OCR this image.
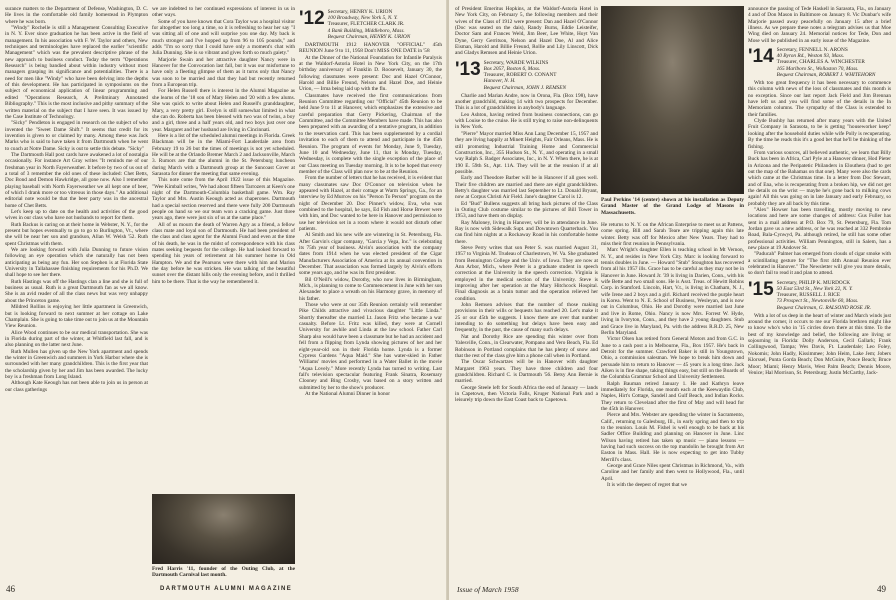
surance matters to the Department of Defense, Washington, D. C. He lives in the comfortable old family homestead in Plympton where he was born.

"Windy" Rochelle is still a Management Consulting Executive in N. Y. Ever since graduation he has been active in the field of management. In his association with F. W. Taylor and others, New techniques and terminologies have replaced the earlier "scientific Management" which was the prevalent descriptive phrase of the new approach to business conduct. Today the term "Operations Research" is being bandied about within industry without most managers grasping its significance and potentialities. There is a need for men like "Windy" who have been delving into the depths of this development. He has participated in symposiums on the subject of economical application of linear programming and edited "Operations Research, A Preliminary Annotated Bibliography." This is the most inclusive and pithy summary of the written material on the subject that I have seen. It was issued by the Case Institute of Technology.

"Sicky" Pendleton is engaged in research on the subject of who invented the "Sweet Dame Shift." It seems that credit for its invention is given to or claimed by many. Among these was Jack Marks who is said to have taken it from Dartmouth when he went to coach at Notre Dame. Sicky is out to settle this debate. "Sicky"

The Dartmouth Hall post cards have awakened a lot of nostalgia occasionally. For instance Art Gray writes "It reminds me of our freshman year in North Fayerweather. It before by two of us out of a total of 3 remember the old ones of these included: Chet Betts, Doc Bond and Demon Hawkridge, all gone now. Also I remember playing baseball with North Fayerweather we all kept one of beer, of which I drank more or too vitreous in those days." An additional editorial note would be that the beer party was in the ancestral home of Chet Betts.

Let's keep up to date on the health and activities of the good wives in our class who have not husbands to report for them.

Ruth Backus is caring on at their home in Webster, N. Y., for the present but hopes eventually to go to go to Burlington, Vt., where she will be near her son and grandson, Allan W. Welsh '52. Ruth spent Christmas with them.

We are looking forward with Julia Dunning to future vision following an eye operation which she naturally has not been anticipating as being any fun. Her son Stephen is at Florida State University in Tallahassee finishing requirements for his Ph.D. We shall hope to see her there.

Ruth Hastings was off the Hastings clan a line and she is full of business as usual. Ruth is a great Dartmouth fan as we all know. She is an avid reader of all the class news but was very unhappy about the Princeton game.

Mildred Rollins is enjoying her little apartment in Greenwich, but is looking forward to next summer at her cottage on Lake Champlain. She is going to take time out to join us at the Mountain View Reunion.

Alice Wood continues to be our medical transportation. She was in Florida during part of the winter, at Whitfield last fall, and is also planning on the latter next June.

Ruth Mullen has given up the New York apartment and spends the winter in Greenwich and summers in York Harbor where she is surrounded with her many grandchildren. This is the first year that the scholarship given by her and Jim has been awarded. The lucky boy is a freshman from Long Island.

Although Kate Keough has not been able to join us in person at our class gatherings

we are indebted to her continued expressions of interest in us in other ways.

Some of you have known that Cora Taylor was a hospital visitor for altogether too long a time, so it is refreshing to hear her say "I was sitting all of one and will surprise you one day. My back is much stronger and I've hopped up from 96 to 105 pounds," and adds "I'm so sorry that I could have only a moment's chat with Julia Dunning. She is so vibrant and gives forth so much gaiety."

Marjorie Swain and her attractive daughter Nancy were in Hanover for the Convocation last fall, but it was our misfortune to have only a fleeting glimpse of them as it turns only that Nancy was soon to be married and that they had but recently returned from a European trip.

For Helen Russell there is interest in the Alumni Magazine as she learns of the '18 son of Mary Helen and '20 with a few alums. She was quick to write about Helen and Russell's granddaughter, Mary, a very pretty girl. Evelyn is still somewhat limited in what she can do. Roberta has been blessed with two was of twins, a boy and a girl, three and a half years old, and two boys just over one year. Margaret and her husband are living in Cincinnati.

Here is a list of the scheduled alumni meetings in Florida. Greek Blackman will be in the Miami-Fort Lauderdale area from February 19 to 26 but the times of meetings is not yet scheduled. He will be at the Orlando Bremer March 2 and Jacksonville, March 3. Rumors are that the alumni in the St. Petersburg luncheon during March with a Dartmouth group at the Suncoast Cover at Sarasota for dinner the meeting that same evening.

This note come from the April 1922 issue of this Magazine. "Wee Kimball writes, 'We had about fifteen Tarrozers at Keen's one night of the Dartmouth-Columbia basketball game. Wm. Ray Taylor and Mrs. Austin Keough acted as chaperones. Dartmouth had a special section reserved and there were fully 200 Dartmouth people on hand so we our team won a cracking game. Just three years ago, there were just six of us at the same place."

All of us mourn the death of Warren Agry as a friend, a fellow class mate and loyal son of Dartmouth. He had been president of the class and class agent for the Alumni Fund and even at the time of his death, he was in the midst of correspondence with his class mates seeking bequests for the college. He had looked forward to spending his years of retirement at his summer home in Old Hampton. We and the Pearsons were there with him and Marion the day before he was stricken. He was talking of the beautiful sunset over the distant hills only the evening before, and it thrilled him to be there. That is the way he remembered it.

'12 Secretary, HENRY K. URION
100 Broadway, New York 5, N. Y.
Treasurer, FLETCHER CLARK JR.
4 Bank Building, Middleboro, Mass.
Bequest Chairman, HENRY K. URION

DARTMOUTH 1912 HANOVER "OFFICIAL" 45th REUNION June 9 to 11, 1958 Don't MISS ONE DATE in '58

At the Dinner of the National Foundation for Infantile Paralysis at the Waldorf-Astoria Hotel in New York City, on the 17th birthday anniversary of Franklin D. Roosevelt, January 30, the following classmates were present: Doc and Hazel O'Connor, Harold and Billie Freund, Nelson and Hazel Doe, and Heinie Urion, — Irma being laid up with the flu.

Classmates have received the first communications from Reunion Committee regarding our "Official" 45th Reunion to be held June 9 to 11 at Hanover, which emphasizes the extensive and careful preparation that Gerry Pickering, Chairman of the Committee, and the Committee Members have made. This has also been prepared with an awarding of a tentative program, in addition to the reservation card. This has been supplemented by a cordial invitation to each of them to attend and participate in the 45th Reunion. The program of events for Monday, June 9, Tuesday, June 10 and Wednesday, June 11, that is Monday, Tuesday, Wednesday, is complete with the single exception of the place of our Class meeting on Tuesday morning. It is to be hoped that every member of the Class will plan now to be at the Reunion.

From the number of letters that he has received, it is evident that many classmates saw Doc O'Connor on television when he appeared with Hazel, at their cottage at Warm Springs, Ga., for an interview by Ed Murrow on his "Person To Person" program on the night of December 20. Doc Pinner's widow, Eva, who was combined to the hospital, he says, Ed Fish and Horse Brewer were with him, and Doc wanted to be here in Hanover and permission to use her television set in a room where it would not disturb other patients.

Al Smith and his new wife are wintering in St. Petersburg, Fla. After Garvin's cigar company, "Garcia y Vega, Inc." is celebrating its 75th year of business. Alvin's association with the company dates from 1914 when he was elected president of the Cigar Manufacturers Association of America at its annual convention in December. That association was formed largely by Alvin's efforts some years ago, and he was its first president.

Bil O'Neill's widow, Dorothy, who now lives in Birmingham, Mich., is planning to come to Commencement in June with her son Alexander to place a wreath on his Harmony grave, in memory of his father.

Those who were at our 35th Reunion certainly will remember Pike Childs attractive and vivacious daughter "Little Linda." Shortly thereafter she married Lt. Jason Fritz who became a war casualty. Before Lt. Fritz was killed, they were at Cornell University for awhile and Linda at the law school. Father Carl Sharp also would have been a classmate but he had an accident and fell from a flipping from Lynda showing pictures of her and her eight-year-old son in their Florida home. Lynda is a former Cypress Gardens "Aqua Maid." She has water-skied in Father Williams' movies and performed in a Water Ballet in the movie "Aqua Lovely." More recently Lynda has turned to writing. Last fall's television spectacular featuring Frank Sinatra, Rosemary Clooney and Bing Crosby, was based on a story written and submitted by her to the show's producer.

At the National Alumni Dinner in honor

Fred Harris '11, founder of the Outing Club, at the Dartmouth Carnival last month.
46	DARTMOUTH ALUMNI MAGAZINE

of President Emeritus Hopkins, at the Waldorf-Astoria Hotel in New York City, on February 5, the following members and their wives of the Class of 1912 were present: Dan and Hazel O'Connor (Doc was seated on the dais), Randy Burns, Eddie Leisteifer, Doctor Sam and Frances Weld, Jim Beer, Lee White, Hoyt Van Dyne, Gerry Gerritson, Nelson and Hazel Doe, Al and Alice Eisman, Harold and Billie Freund, Rollie and Lily Linscott, Dick and Gladys Remsen and Heinie Urion.

'13 Secretary, WARDE WILKINS
Box 2057, Boston 6, Mass.
Treasurer, ROBERT O. CONANT
Hanover, N. H.
Bequest Chairman, JOHN J. REMSEN

Charlie and Marian Andre, now in Orona, Fla. (Box 198), have another grandchild, making 14 with two prospects for December. This is a lot of grandchildren in anybody's language.

Leo Ashton, having retired from business connections, can go with Louise to the cruise. He is still trying to raise non-delinquents in New York.

"Pierre" Mayor married Miss Ann Lang December 15, 1957 and they are living happily at Minett Heights, Fair Orleans, Mass. He is still promoting Industrial Training Home and Commercial Construction, Inc., 355 Hudson St., N. Y., and operating in a small way Ralph S. Badger Associates, Inc., in N. Y. When there, he is at 190 E. 59th St., Apt. 11A. They will be at the reunion if at all possible.

Early and Theodore Barber will be in Hanover if all goes well. Their five children are married and there are eight grandchildren. Betty's daughter was married last September to Lt. Donald Bryant, now at Corpus Christi Air Field. Jane's daughter Carol is 12.

Ed "Bud" Bullens suggests all bring back pictures of the Class in Outing Club costume similar to the pictures of Bill Tower in 1953, and have them on display.

Ray Maloney, living in Hanover, will be in attendance in June. Ray is now with Sidewalk Supt. and Downtown Quarterback. You can find him nights at a Rockaway Road in his comfortable home there.

Steve Perry writes that son Peter S. was married August 31, 1957 to Virginia M. Trudeau of Charlestown, W. Va. She graduated from Bennington College and the Univ. of Iowa. They are now at Ann Arbor, Mich., where Peter is a graduate student in speech correction at the University in the speech correction. Virginia is employed in the medical section of the University. Steve is improving after her operation at the Mary Hitchcock Hospital. Final diagnosis as a brain tumor and the operation relieved her condition.

John Remsen advises that the number of those making provisions in their wills or bequests has reached 20. Let's make it 25 or our 45th be suggests. I know there are over that number intending to do something but delays have been easy and frequently, in the past, the cause of many such delays.

Nat and Dorothy Rice are spending this winter over from Yalesville, Conn., in Clearwater, Pompano and Vero Beach, Fla. Ed Robinson in Portland complains that he has plenty of snow and that the rest of the class give him a phone call when in Portland.

The Oscar Schwartzes will be in Hanover with daughter Margaret 1963 years. They have three children and four grandchildren. Richard C. is Dartmouth '56. Betsy Ann Bernie is married.

George Steele left for South Africa the end of January — lands in Capetown, then Victoria Falls, Kruger National Park and a leisurely trip down the East Coast back to Capetown.

Paul Perkins '14 (center) shown at his installation as Deputy Grand Master of the Grand Lodge of Masons in Massachusetts.

He returns to N. Y. on the African Enterprise to meet us at Pattens, come spring. Bill and Sarah Teare are tripping again this late winter. Betty was off for Mexico after New Years. They had to miss their first reunion in Pennsylvania.

Marc Wright's daughter Ellen is teaching school in Mt Vernon, N. Y., and resides in New York City. Marc is looking forward to tennis doubles in June. — Howard "Stub" Stoughton has recovered from all his 1957 ills. Grace has to be careful as they may not be in Hanover in June. Howard Jr. '39 is living in Darien, Conn., with his wife Bette and two small sons. He is Asst. Treas. of Hewitt Robins Corp. in Stamford. Lincoln, Hart, V.t., is living in Chatham, N. J., wife Irene and 2 boys and a girl. Richard received the purple heart in Korea. Went to N. E. School of Business, Wesleyan, and is now out in Columbus, Ohio. He and Dorothy were married last June and live in Rome, Ohio. Nancy is now Mrs. Forrest W. Hyde, living in Ivoryton, Conn., and they have 2 young daughters. Stub and Grace live in Maryland, Pa. with the address R.R.D. 25, New Berlin Maryland.

Victor Olsen has retired from General Motors and from G.C. in June to a cash post a in Melbourne, Fla., Box 1957. He's back in Detroit for the summer. Crawford Baker is still in Youngstown, Ohio, a commission salesman. We hope to break him down and persuade him to return to Hanover — 45 years is a long time. Jack Aiken is in fine shape, taking things easy, but still on the Boards of the Columbia Grammar School and University Settlement.

Ralph Bauman retired January 1. He and Kathryn leave immediately for Florida, one month each at the Keewaydin Club, Naples, Hirt's Cottage, Sandell and Gulf Beach, and Indian Rocks. They return to Cleveland after the first of May and will head for the 45th in Hanover.

Pierce and Mrs. Webster are spending the winter in Sacramento, Calif., returning to Galesburg, Ill., in early spring and then to trip to the reunion. Louis M. Fishel is well enough to be back at his Sadler Office Building and planning on Hanover in June. Linc Wilson having retired has taken up music — piano lessons — having had such success on the top mandolin he brought from Art Easton in Mass. Hall. He is now expecting to get into Tubby Merrill's class.

George and Grace Niles spent Christmas in Richmond, Va., with Caroline and her family and then went to Hollywood, Fla., until April.

It is with the deepest of regret that we

announce the passing of Tede Haskell in Sarasota, Fla., on January 4 and of Don Mason in Baltimore on January 8. Vic Dunbar's wife Marjorie passed away peacefully on January 15 after a brief illness. As we prepare these notes a telegram advises us that Moe Wing died on January 24. Memorial notices for Tede, Don and Mose will be published in an early issue of the Magazine.

'14 Secretary, FENNELL N. ARONS
40 Byron Rd., Weston 93, Mass.
Treasurer, CHARLES A. WINCHESTER
165 Marlboro St., Wollaston 70, Mass.
Bequest Chairman, ROBERT J. WHITEHORN

With too great frequency it has been necessary to commence this column with news of the loss of classmates and this month is no exception. Since our last report Jack Field and Jim Brennan have left us and you will find some of the details in the In Memoriam columns. The sympathy of the Class is extended to their families.

Clyde Bushby has returned after many years with the United Fruit Company in Sarasota, to be is getting "houseworker keep" looking after the household duties while wife Polly is recuperating. By the time he reads this it's a good bet that he'll be thinking of the fishing.

From various sources, all believed authentic, we learn that Billy Buck has been in Africa, Carl Pyle at a Hanover dinner, Hod Pieter in Arizona and the Peripatetic Philanders in Elouthera (had to get out the map of the Bahamas on that one). Many were also the cards which came at the Christmas time. In a letter from Doc Stewart, and of Ena, who is recuperating from a broken hip, we did not get the details on the wrist — maybe he's gone back to milking cows again! All this was going on in late January and early February, so probably they are all back by this time.

"Alex" Howser has been travelling, mostly moving to new locations and here are some changes of address: Gus Fuller has sent in a mail address at P.O. Box 79, St. Petersburg, Fla. Tom Jordan gave us a new address, or he was reached at 332 Pembroke Road, Bala-Cynwyd, Pa. although retired, he still has some other professional activities. William Pennington, still in Salem, has a new place at 19 Andover St.

"Paducah" Palmer has emerged from clouds of cigar smoke with a scintillating gesture for "The first 44th Annual Reunion ever celebrated in Hanover." The Newsletter will give you more details, so don't fail to read it and plan to attend.

'15 Secretary, PHILIP K. MURDOCK
50 East 53rd St., New York 22, N. Y.
Treasurer, RUSSELL J. RICE
73 Prospect St., Newtonville 60, Mass.
Bequest Chairman, G. RALSOND ROSE JR.

With a lot of us deep in the heart of winter and March winds just around the corner, it occurs to me our Florida brethren might like to know who's who in '15 circles down there at this time. To the best of my knowledge and belief, the following are living or sojourning in Florida: Dolly Anderson, Cecil Gallark; Frank Collingwood, Tampa; Wes Davis, Ft. Lauderdale; Leo Foley, Nokomis; John Hadly, Kissimmee; John Heim, Lake Jem; Jobers Klorssel, Punta Gorda Beach; Don McGuire, Ponce Beach; Bruce Moor; Miami; Henry Mavis, West Palm Beach; Dennis Moore, Venice; Hal Morrison, St. Petersburg; Justin McCarthy, Jack-

Issue of March 1958	49
